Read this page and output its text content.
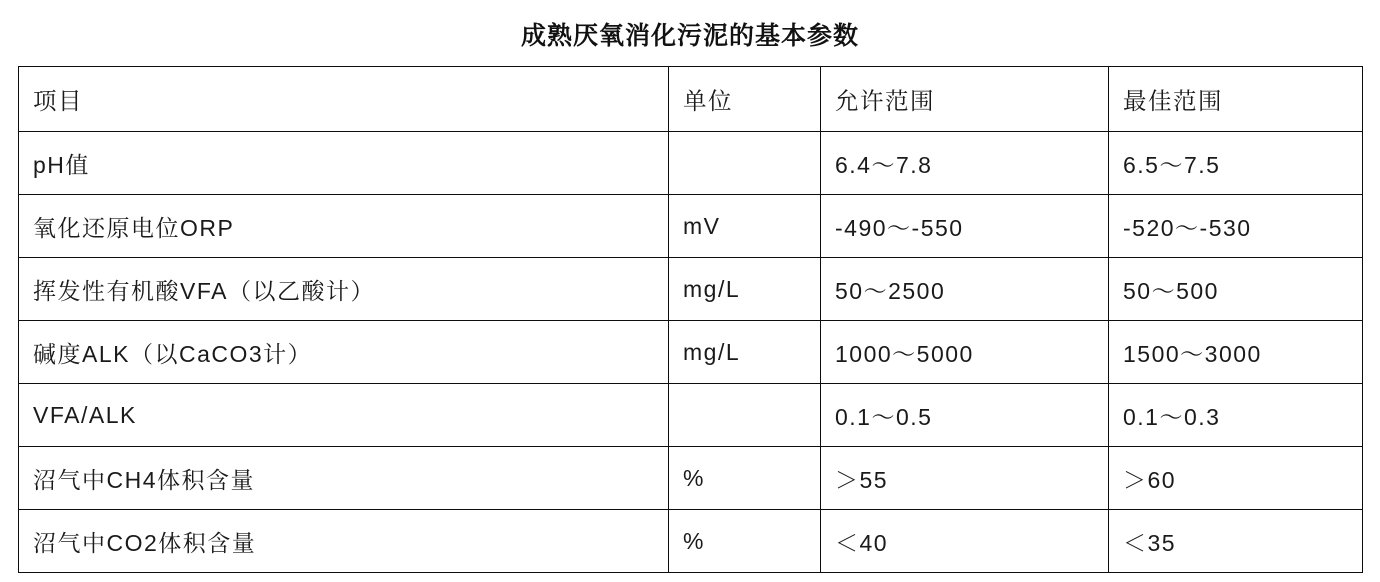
成熟厌氧消化污泥的基本参数
项目	单位	允许范围	最佳范围
pH值		6.4～7.8	6.5～7.5
氧化还原电位ORP	mV	-490～-550	-520～-530
挥发性有机酸VFA（以乙酸计）	mg/L	50～2500	50～500
碱度ALK（以CaCO3计）	mg/L	1000～5000	1500～3000
VFA/ALK		0.1～0.5	0.1～0.3
沼气中CH4体积含量	%	＞55	＞60
沼气中CO2体积含量	%	＜40	＜35
